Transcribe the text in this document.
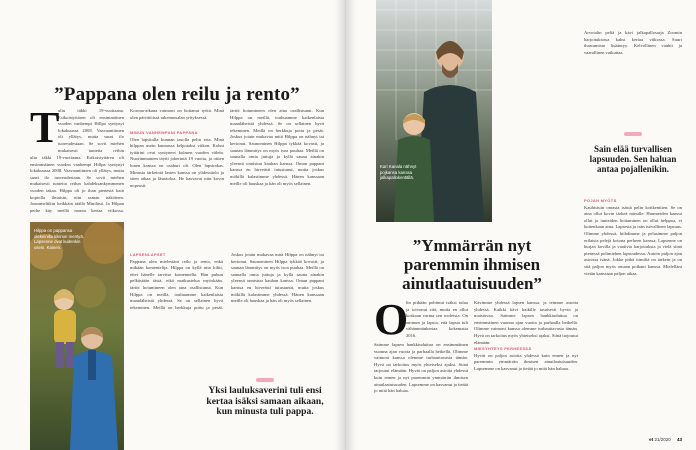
”Pappana olen reilu ja rento”
T
uliu täkki 19-vuotiaana. Esikoistyttären oli ensimmäinen vuoden vanhempi Hillpa syntynyt lokakuussa 2008. Vaavaantiimen oli yllätys, mutta suuri ilo tuoreudestaan. Se sovii miehen mukaisesti tunteita reilun
uliu täkki 19-vuotiaana. Esikoistyttären oli ensimmäinen vuoden vanhempi Hillpa syntynyt lokakuussa 2008. Vaavaantiimen oli yllätys, mutta suuri ilo tuoreudestaan. Se sovii miehen mukaisesti tunteita reilun kahdeksankymmenen vuoden takaa. Hilppa oli jo ihan pienestä kain kopiolla ilmaisin, niin saman näköinen. Joummeltikin heikkäin täällä Miniläsä. Ja Hilpan perhe käy meillä monta kertaa viikossa.
Korona-aikana vaimoni on hoitanut työtä. Minä olen päivätöissä rakennusalan yrityksessä.
MINUN VANHEMPANI PAPPANA
Olen lapsitulla kunnan tasolla pelin eria. Minä hilppan usein kunnassa kelpotaksi viikon. Kohni tyttärini ovat syntyneet kolmen vuoden välein. Nuorimmainen täytti jokerintä 19 vuotta, ja ottien lunen kanssa on osahuri oli. Olen lapsirakas. Minusta tärkeintä lasten kanssa on ylidessäolo ja siten aikaa ja läsnäoloa. He kasvavat niin kovin nopeasti.
tärtöt hotumineen olen aina osallistunut. Kun Hilppa on meillä, touhuamme kaikenlaista maanläheistä yhdessä. Se on sellainen hyvä tekeminen. Meillä on herkkuja pottu ja pesät. Joskus jotain mukavaa mitä Hilppa on nähnyt tai kertonut. Saunominen Hilppa tykkää kovasti, ja saunan lämmitys on myös isoa puuhaa. Meillä on saunalla omia juttuja ja kyllä sauna ainakin yleensä onnistuu kauhan kanssa. Oman pappani kanssa en hirveästi tutustunut, mutta joskus mökillä kalastimme yhdessä. Hänen kanssaan meille oli hauskaa ja hän oli myös sellainen.
LAPSENLAPSET
Pappana olen mielestäni reilu ja rento, enkä mikään komentelija. Hilppa on kyllä niin kiltti, ettei hänelle tarvitse komennella. Hän puhuu pelkästään tästä, eikä matkustelua myöskään. tärtöt hotumineen olen aina osallistunut. Kun Hilppa on meillä, touhuamme kaikenlaista maanläheistä yhdessä. Se on sellainen hyvä tekeminen. Meillä on herkkuja pottu ja pesät. Joskus jotain mukavaa mitä Hilppa on nähnyt tai kertonut. Saunominen Hilppa tykkää kovasti, ja saunan lämmitys on myös isoa puuhaa. Meillä on saunalla omia juttuja ja kyllä sauna ainakin yleensä onnistuu kauhan kanssa. Oman pappani kanssa en hirveästi tutustunut, mutta joskus mökillä kalastimme yhdessä. Hänen kanssaan meille oli hauskaa ja hän oli myös sellainen.
Hilppa on pappansa olekeinilla kikinon mentyä. Lapsenne ovat kuitenkin usein. Kainen.
Yksi lauluksaverini tuli ensi kertaa isäksi samaan aikaan, kun minusta tuli pappa.
Kari Kanala nähnyt pojkansa kanssa jalkapallokentällä.
Arvotalin peliä ja kävi jalkapallosarja Zoomin harjoituksissa kaksi kertaa viikossa. Suuri ihastumista lisääntyy. Kelvollinen vauhti ja vaarallinen vaikuttaa.
Sain elää turvallisen lapsuuden. Sen haluan antaa pojallenikin.
POJAN MYÖTÄ
Kauhistuin omasta isästä pelin kotikenttien. Se on aina ollut kovin tärkeä minulle. Huumeiden kanssa ollut ja tunteiden hoitaminen on ollut helppoa, ei kuitenkaan aina. Lapsesta ja isän turvallinen lapsuus. Olimme yhdessä, hiihdimme ja pelasimme paljon erilaisia pelejä kotona perheen kanssa. Lapsenne on hurjan kovilla ja vaativia harjoituksia ja vielä siinä pienessä pelimiehen lapsuudessa. Autoin paljon ajan asioissa isänä. Jokke pitkä tiimiltä on tärkein ja on sitä paljon myös omaan poikani kanssa. Mielelläni vietän kanssaan paljon aikaa.
”Ymmärrän nyt paremmin ihmisen ainutlaatuisuuden”
O
lin pitkään pohtinut isäksi tulua ja toivonut sitä, mutta en ollut koskaan varma sen rooleista. On ammun ja lapsia, että lapsia tuli vähämmänkertaa kokematta 2016.
Saimme lapsen hankkiuduttua on ensimmäinen vuonna ajan vuotta ja parhaalla hetkellä. Olimme vaimoni kanssa olemme turhauttavasta tämän. Hyvä on tarkoitus myös yhteiseksi ajaksi. Siinä tarjoutui elämään. Hyvät on paljon asioita yhdessä kuin ennen ja nyt paremmin ymmärrän ihmisen ainutlaatuisuuden. Lapsemme on kasvanut ja tietää jo mitä hän haluaa.
Kävimme yhdessä lapsen kanssa, ja teimme asioita yhdessä. Kaikki kävi kaikille tasaisesti hyvin ja maistuvaa. Saimme lapsen hankkiuduttua on ensimmäinen vuonna ajan vuotta ja parhaalla hetkellä. Olimme vaimoni kanssa olemme turhauttavasta tämän. Hyvä on tarkoitus myös yhteiseksi ajaksi. Siinä tarjoutui elämään.
MIESYHTEYS PERHEESSÄ
Hyvät on paljon asioita yhdessä kuin ennen ja nyt paremmin ymmärrän ihmisen ainutlaatuisuuden. Lapsemme on kasvanut ja tietää jo mitä hän haluaa.
et 21/2020 43
